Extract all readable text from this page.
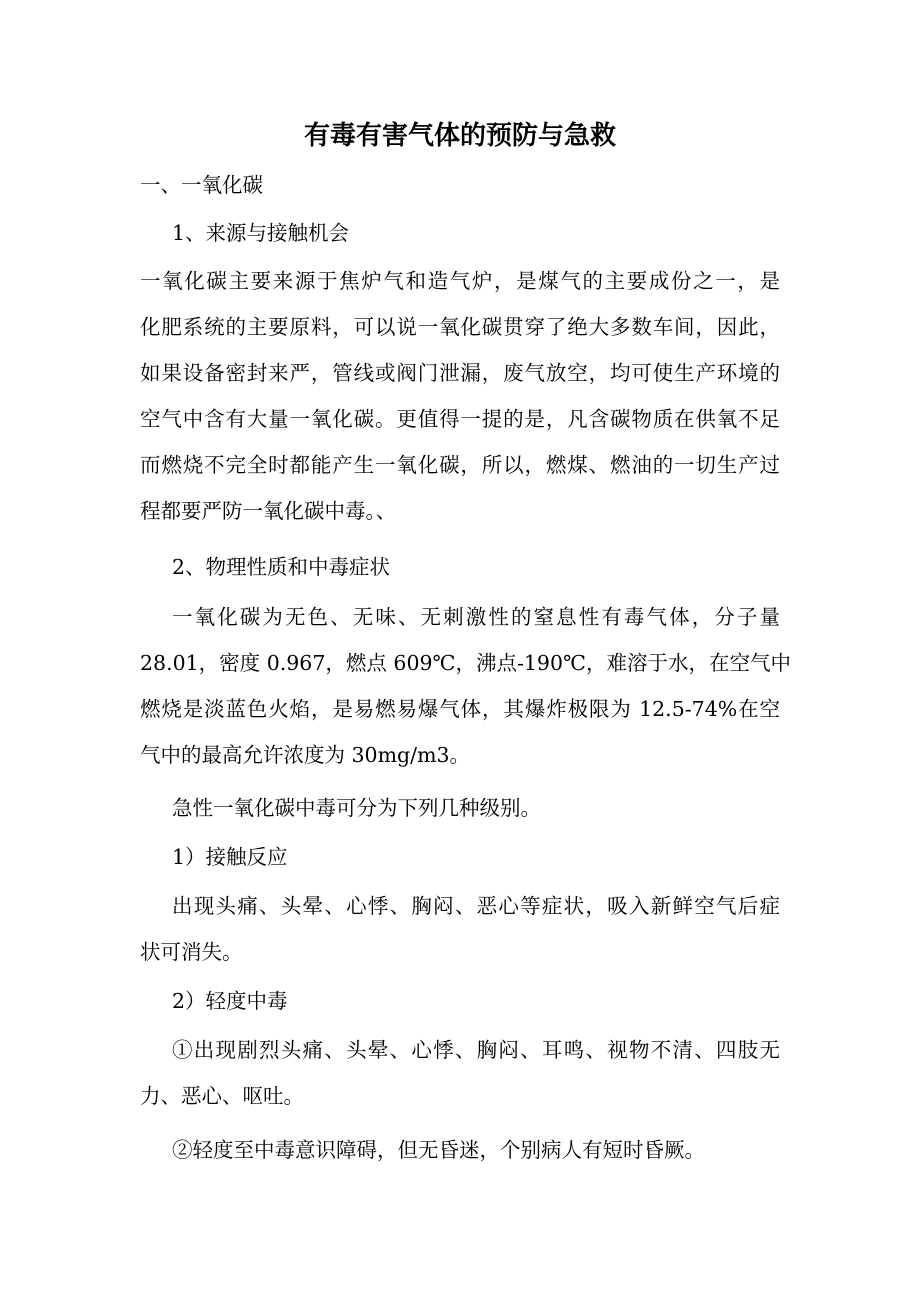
有毒有害气体的预防与急救
一、一氧化碳
1、来源与接触机会
一氧化碳主要来源于焦炉气和造气炉，是煤气的主要成份之一，是
化肥系统的主要原料，可以说一氧化碳贯穿了绝大多数车间，因此，
如果设备密封来严，管线或阀门泄漏，废气放空，均可使生产环境的
空气中含有大量一氧化碳。更值得一提的是，凡含碳物质在供氧不足
而燃烧不完全时都能产生一氧化碳，所以，燃煤、燃油的一切生产过
程都要严防一氧化碳中毒。、
2、物理性质和中毒症状
一氧化碳为无色、无味、无刺激性的窒息性有毒气体，分子量
28.01，密度 0.967，燃点 609℃，沸点-190℃，难溶于水，在空气中
燃烧是淡蓝色火焰，是易燃易爆气体，其爆炸极限为 12.5-74%在空
气中的最高允许浓度为 30mg/m3。
急性一氧化碳中毒可分为下列几种级别。
1）接触反应
出现头痛、头晕、心悸、胸闷、恶心等症状，吸入新鲜空气后症
状可消失。
2）轻度中毒
①出现剧烈头痛、头晕、心悸、胸闷、耳鸣、视物不清、四肢无
力、恶心、呕吐。
②轻度至中毒意识障碍，但无昏迷，个别病人有短时昏厥。
